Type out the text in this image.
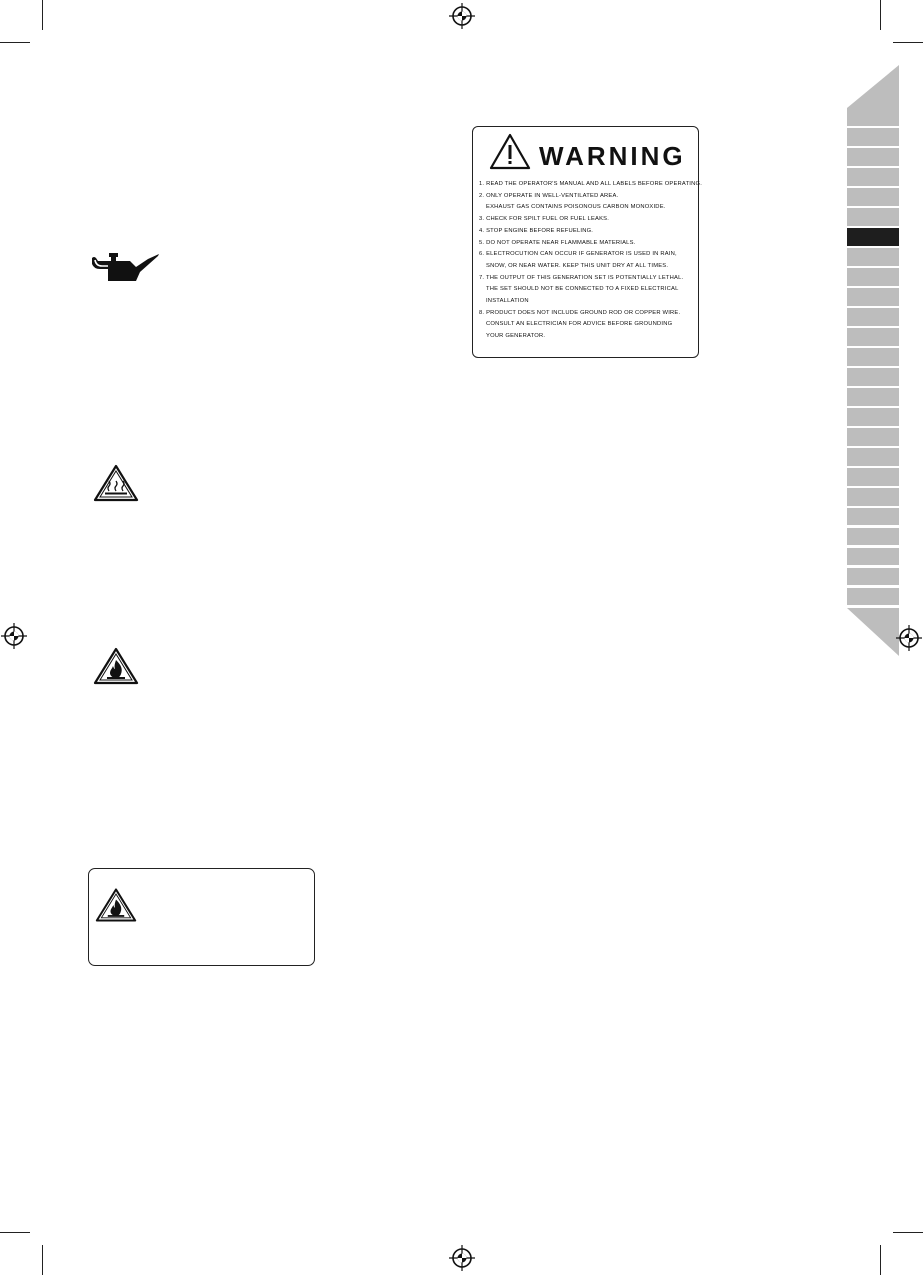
WARNING
1. READ THE OPERATOR'S MANUAL AND ALL LABELS BEFORE OPERATING.
2. ONLY OPERATE IN WELL-VENTILATED AREA.
EXHAUST GAS CONTAINS POISONOUS CARBON MONOXIDE.
3. CHECK FOR SPILT FUEL OR FUEL LEAKS.
4. STOP ENGINE BEFORE REFUELING.
5. DO NOT OPERATE NEAR FLAMMABLE MATERIALS.
6. ELECTROCUTION CAN OCCUR IF GENERATOR IS USED IN RAIN,
SNOW, OR NEAR WATER. KEEP THIS UNIT DRY AT ALL TIMES.
7. THE OUTPUT OF THIS GENERATION SET IS POTENTIALLY LETHAL.
THE SET SHOULD NOT BE CONNECTED TO A FIXED ELECTRICAL
INSTALLATION
8. PRODUCT DOES NOT INCLUDE GROUND ROD OR COPPER WIRE.
CONSULT AN ELECTRICIAN FOR ADVICE BEFORE GROUNDING
YOUR GENERATOR.
